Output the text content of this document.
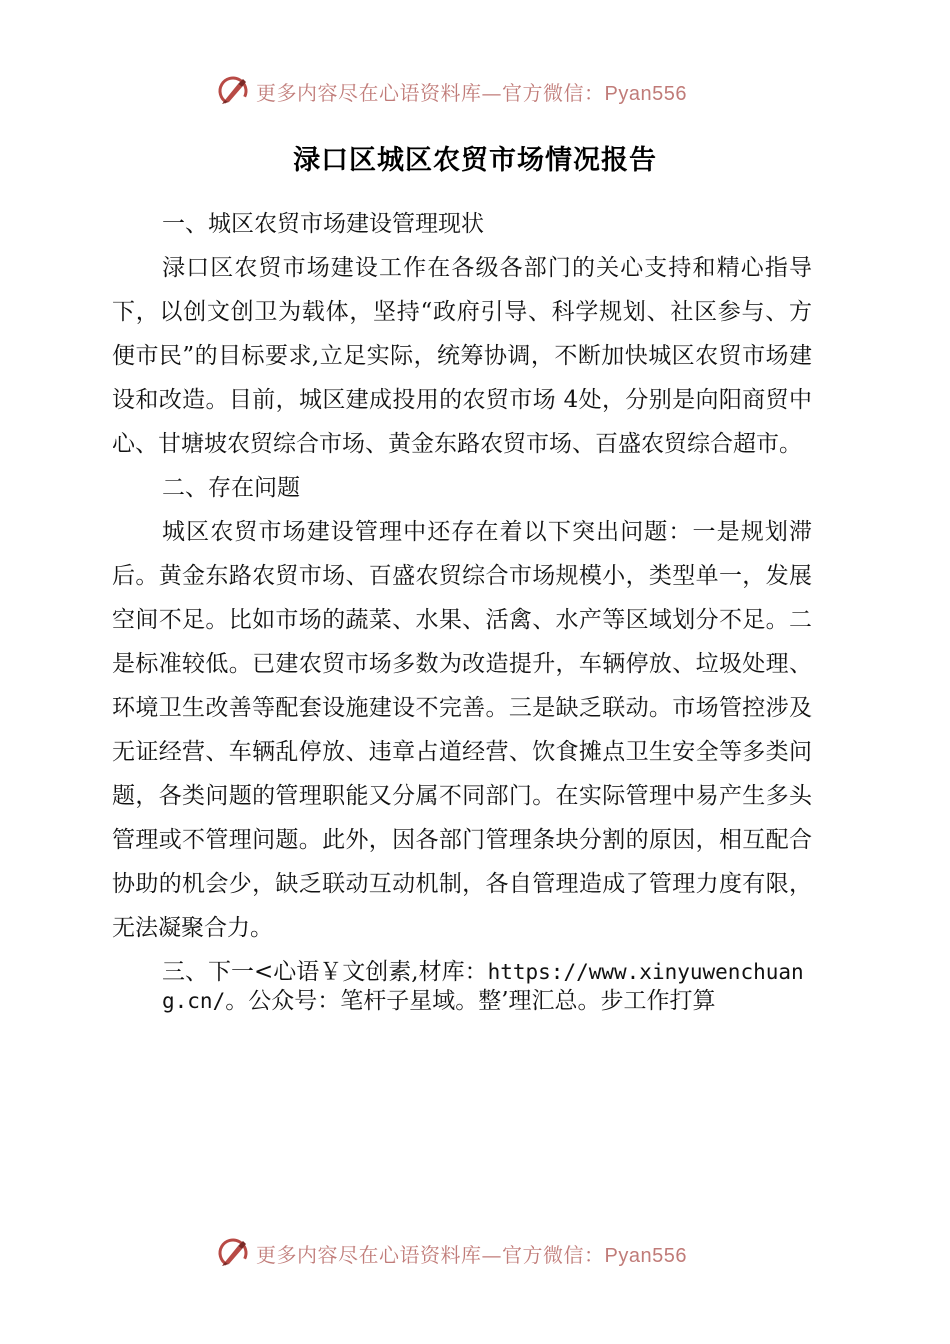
更多内容尽在心语资料库—官方微信：Pyan556
渌口区城区农贸市场情况报告

一、城区农贸市场建设管理现状

渌口区农贸市场建设工作在各级各部门的关心支持和精心指导下，以创文创卫为载体，坚持“政府引导、科学规划、社区参与、方便市民”的目标要求,立足实际，统筹协调，不断加快城区农贸市场建设和改造。目前，城区建成投用的农贸市场 4处，分别是向阳商贸中心、甘塘坡农贸综合市场、黄金东路农贸市场、百盛农贸综合超市。

二、存在问题

城区农贸市场建设管理中还存在着以下突出问题：一是规划滞后。黄金东路农贸市场、百盛农贸综合市场规模小，类型单一，发展空间不足。比如市场的蔬菜、水果、活禽、水产等区域划分不足。二是标准较低。已建农贸市场多数为改造提升，车辆停放、垃圾处理、环境卫生改善等配套设施建设不完善。三是缺乏联动。市场管控涉及无证经营、车辆乱停放、违章占道经营、饮食摊点卫生安全等多类问题，各类问题的管理职能又分属不同部门。在实际管理中易产生多头管理或不管理问题。此外，因各部门管理条块分割的原因，相互配合协助的机会少，缺乏联动互动机制，各自管理造成了管理力度有限，无法凝聚合力。

三、下一<心语￥文创素,材库：https://www.xinyuwenchuang.cn/。公众号：笔杆子星域。整’理汇总。步工作打算

更多内容尽在心语资料库—官方微信：Pyan556
